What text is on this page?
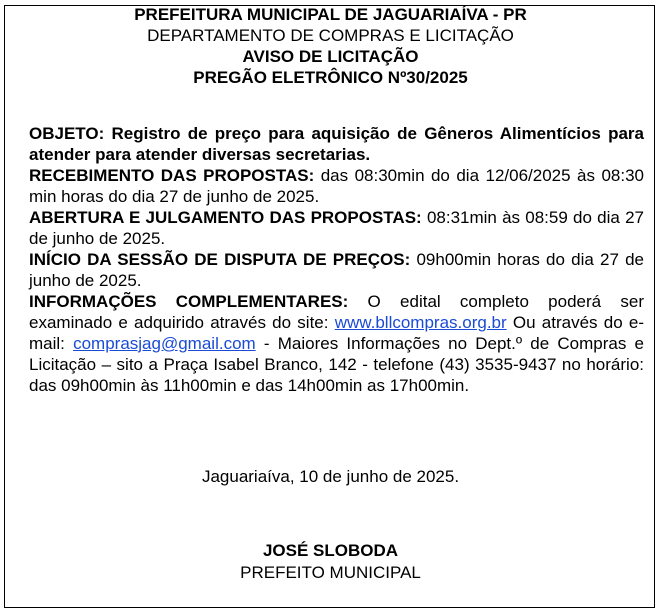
PREFEITURA MUNICIPAL DE JAGUARIAÍVA - PR
DEPARTAMENTO DE COMPRAS E LICITAÇÃO
AVISO DE LICITAÇÃO
PREGÃO ELETRÔNICO Nº30/2025

OBJETO: Registro de preço para aquisição de Gêneros Alimentícios para atender para atender diversas secretarias.

RECEBIMENTO DAS PROPOSTAS: das 08:30min do dia 12/06/2025 às 08:30 min horas do dia 27 de junho de 2025.

ABERTURA E JULGAMENTO DAS PROPOSTAS: 08:31min às 08:59 do dia 27 de junho de 2025.

INÍCIO DA SESSÃO DE DISPUTA DE PREÇOS: 09h00min horas do dia 27 de junho de 2025.

INFORMAÇÕES COMPLEMENTARES: O edital completo poderá ser examinado e adquirido através do site: www.bllcompras.org.br Ou através do e-mail: comprasjag@gmail.com - Maiores Informações no Dept.º de Compras e Licitação – sito a Praça Isabel Branco, 142 - telefone (43) 3535-9437 no horário: das 09h00min às 11h00min e das 14h00min as 17h00min.

Jaguariaíva, 10 de junho de 2025.
JOSÉ SLOBODA
PREFEITO MUNICIPAL
